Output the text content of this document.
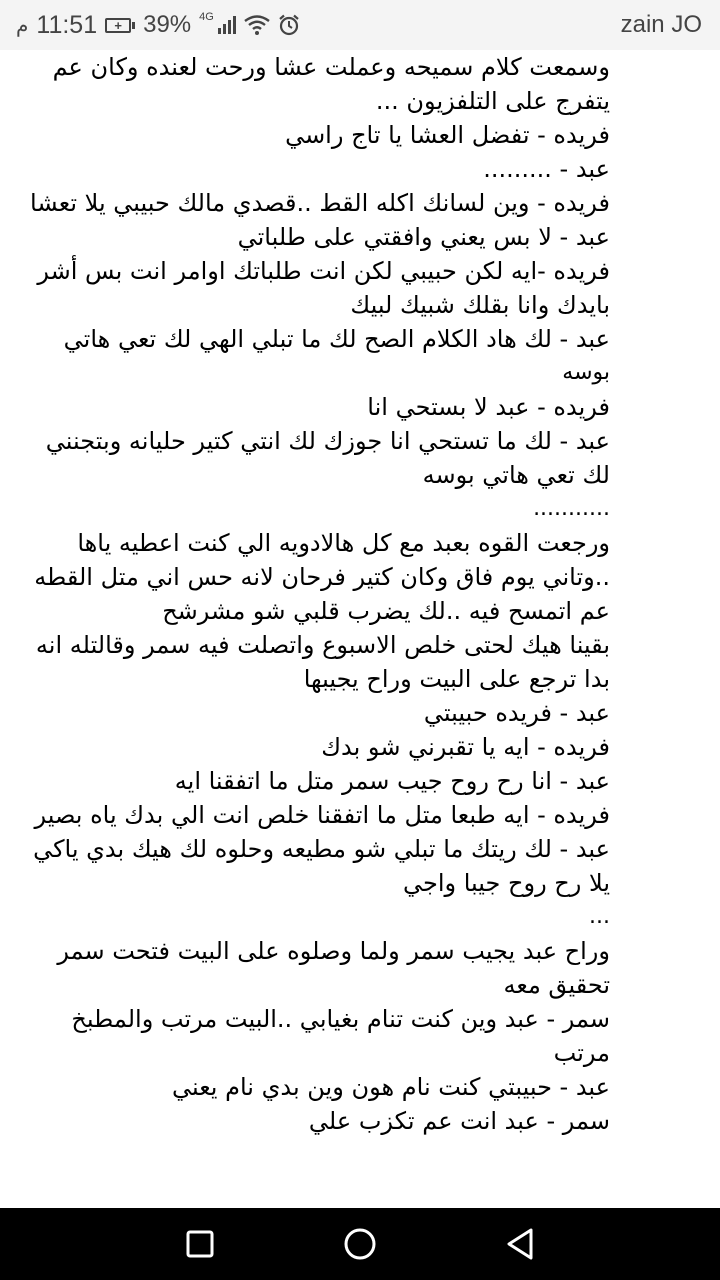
م 11:51	+ 39% 4G	zain JO
وسمعت كلام سميحه وعملت عشا ورحت لعنده وكان عم
يتفرج على التلفزيون ...
فريده - تفضل العشا يا تاج راسي
عبد - .........
فريده - وين لسانك اكله القط ..قصدي مالك حبيبي يلا تعشا
عبد - لا بس يعني وافقتي على طلباتي
فريده -ايه لكن حبيبي لكن انت طلباتك اوامر انت بس أشر
بايدك وانا بقلك شبيك لبيك
عبد - لك هاد الكلام الصح لك ما تبلي الهي لك تعي هاتي
بوسه
فريده - عبد لا بستحي انا
عبد - لك ما تستحي انا جوزك لك انتي كتير حليانه وبتجنني
لك تعي هاتي بوسه
...........
ورجعت القوه بعبد مع كل هالادويه الي كنت اعطيه ياها
..وتاني يوم فاق وكان كتير فرحان لانه حس اني متل القطه
عم اتمسح فيه ..لك يضرب قلبي شو مشرشح
بقينا هيك لحتى خلص الاسبوع واتصلت فيه سمر وقالتله انه
بدا ترجع على البيت وراح يجيبها
عبد - فريده حبيبتي
فريده - ايه يا تقبرني شو بدك
عبد - انا رح روح جيب سمر متل ما اتفقنا ايه
فريده - ايه طبعا متل ما اتفقنا خلص انت الي بدك ياه بصير
عبد - لك ريتك ما تبلي شو مطيعه وحلوه لك هيك بدي ياكي
يلا رح روح جيبا واجي
...
وراح عبد يجيب سمر ولما وصلوه على البيت فتحت سمر
تحقيق معه
سمر - عبد وين كنت تنام بغيابي ..البيت مرتب والمطبخ
مرتب
عبد - حبيبتي كنت نام هون وين بدي نام يعني
سمر - عبد انت عم تكزب علي
